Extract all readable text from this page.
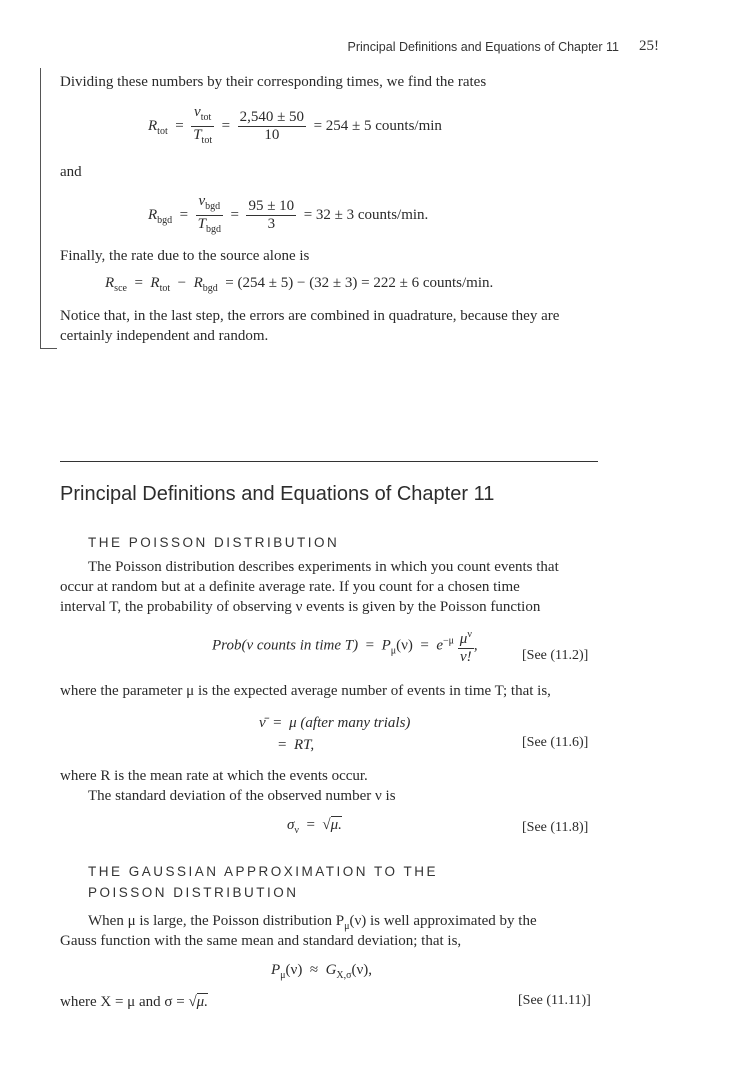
Principal Definitions and Equations of Chapter 11 25!
Dividing these numbers by their corresponding times, we find the rates
$R_{tot} = \frac{\nu_{tot}}{T_{tot}} = \frac{2,540 \pm 50}{10} = 254 \pm 5$ counts/min
and
$R_{bgd} = \frac{\nu_{bgd}}{T_{bgd}} = \frac{95 \pm 10}{3} = 32 \pm 3$ counts/min.
Finally, the rate due to the source alone is
$R_{sce} = R_{tot} - R_{bgd} = (254 \pm 5) - (32 \pm 3) = 222 \pm 6$ counts/min.
Notice that, in the last step, the errors are combined in quadrature, because they are
certainly independent and random.
Principal Definitions and Equations of Chapter 11
THE POISSON DISTRIBUTION
The Poisson distribution describes experiments in which you count events that
occur at random but at a definite average rate. If you count for a chosen time
interval T, the probability of observing ν events is given by the Poisson function
Prob(ν counts in time $T) = P_\mu(\nu) = e^{-\mu} \frac{\mu^\nu}{\nu!}$ ,
[See (11.2)]
where the parameter μ is the expected average number of events in time T; that is,
ν̄  =  μ (after many trials)
=  RT,	[See (11.6)]
where R is the mean rate at which the events occur.
The standard deviation of the observed number ν is
$\sigma_\nu = √\mu$.	[See (11.8)]
THE GAUSSIAN APPROXIMATION TO THE
POISSON DISTRIBUTION
When μ is large, the Poisson distribution $P_\mu(\nu)$ is well approximated by the
Gauss function with the same mean and standard deviation; that is,
$P_\mu(\nu) \approx G_{X,\sigma}(\nu)$,
where X = μ and σ = √μ.	[See (11.11)]
